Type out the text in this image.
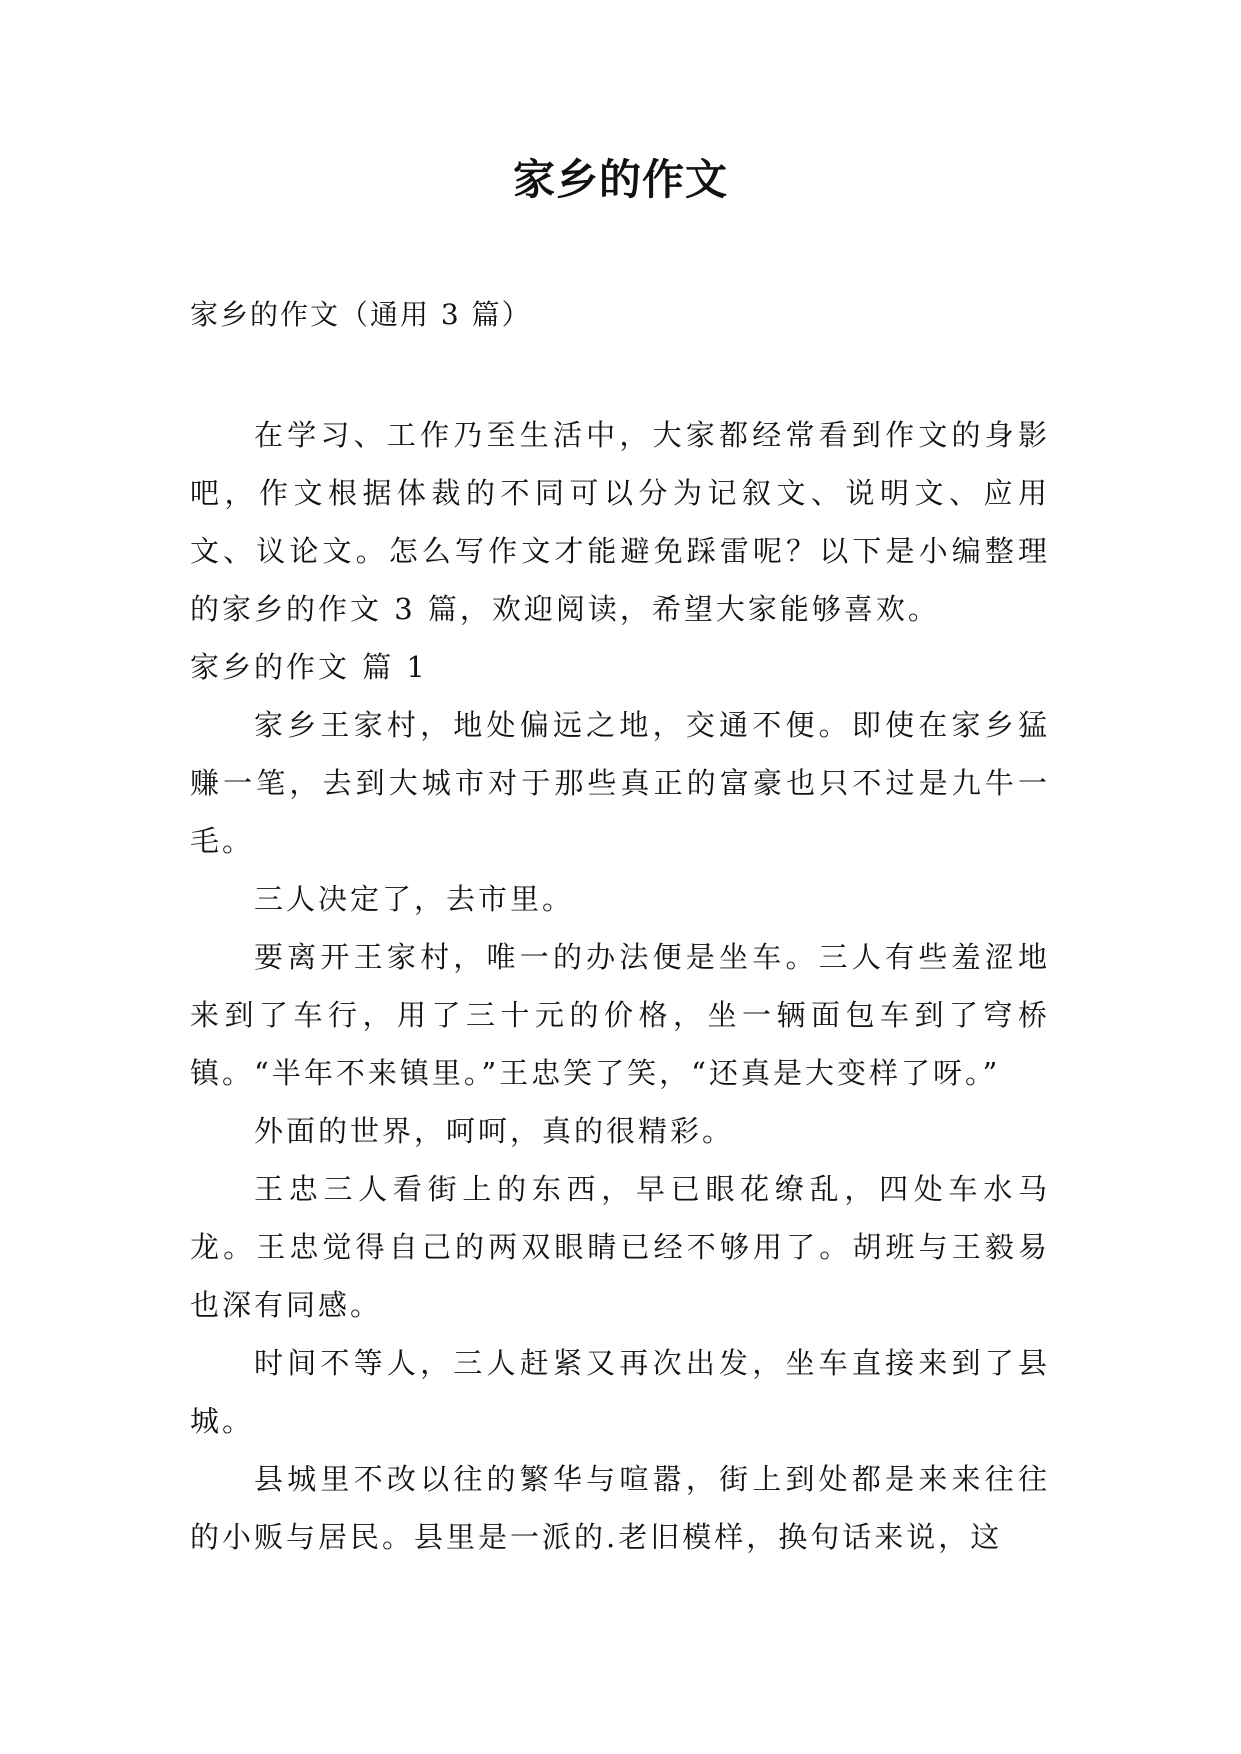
家乡的作文
家乡的作文（通用 3 篇）

在学习、工作乃至生活中，大家都经常看到作文的身影吧，作文根据体裁的不同可以分为记叙文、说明文、应用文、议论文。怎么写作文才能避免踩雷呢？以下是小编整理的家乡的作文 3 篇，欢迎阅读，希望大家能够喜欢。

家乡的作文 篇 1

家乡王家村，地处偏远之地，交通不便。即使在家乡猛赚一笔，去到大城市对于那些真正的富豪也只不过是九牛一毛。

三人决定了，去市里。

要离开王家村，唯一的办法便是坐车。三人有些羞涩地来到了车行，用了三十元的价格，坐一辆面包车到了穹桥镇。“半年不来镇里。”王忠笑了笑，“还真是大变样了呀。”

外面的世界，呵呵，真的很精彩。

王忠三人看街上的东西，早已眼花缭乱，四处车水马龙。王忠觉得自己的两双眼睛已经不够用了。胡班与王毅易也深有同感。

时间不等人，三人赶紧又再次出发，坐车直接来到了县城。

县城里不改以往的繁华与喧嚣，街上到处都是来来往往的小贩与居民。县里是一派的.老旧模样，换句话来说，这
